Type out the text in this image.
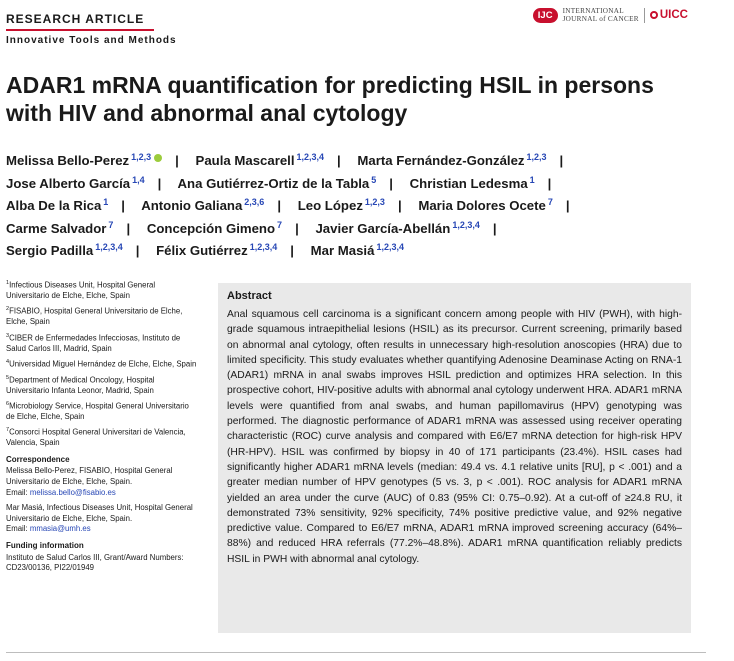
RESEARCH ARTICLE
Innovative Tools and Methods
IJC	INTERNATIONAL
JOURNAL of CANCER UICC
ADAR1 mRNA quantification for predicting HSIL in persons with HIV and abnormal anal cytology
Melissa Bello-Perez $^{1,2,3}$ | Paula Mascarell $^{1,2,3,4}$ | Marta Fernández-González $^{1,2,3}$ |
Jose Alberto García $^{1,4}$ | Ana Gutiérrez-Ortiz de la Tabla $^5$ | Christian Ledesma $^1$ |
Alba De la Rica $^1$ | Antonio Galiana $^{2,3,6}$ | Leo López $^{1,2,3}$ | Maria Dolores Ocete $^7$ |
Carme Salvador $^7$ | Concepción Gimeno $^7$ | Javier García-Abellán $^{1,2,3,4}$ |
Sergio Padilla $^{1,2,3,4}$ | Félix Gutiérrez $^{1,2,3,4}$ | Mar Masiá $^{1,2,3,4}$
$^1$Infectious Diseases Unit, Hospital General Universitario de Elche, Elche, Spain
$^2$FISABIO, Hospital General Universitario de Elche, Elche, Spain
$^3$CIBER de Enfermedades Infecciosas, Instituto de Salud Carlos III, Madrid, Spain
$^4$Universidad Miguel Hernández de Elche, Elche, Spain
$^5$Department of Medical Oncology, Hospital Universitario Infanta Leonor, Madrid, Spain
$^6$Microbiology Service, Hospital General Universitario de Elche, Elche, Spain
$^7$Consorci Hospital General Universitari de Valencia, Valencia, Spain
Correspondence
Melissa Bello-Perez, FISABIO, Hospital General Universitario de Elche, Elche, Spain.
Email: melissa.bello@fisabio.es
Mar Masiá, Infectious Diseases Unit, Hospital General Universitario de Elche, Elche, Spain.
Email: mmasia@umh.es
Funding information
Instituto de Salud Carlos III, Grant/Award Numbers: CD23/00136, PI22/01949
Abstract
Anal squamous cell carcinoma is a significant concern among people with HIV (PWH), with high-grade squamous intraepithelial lesions (HSIL) as its precursor. Current screening, primarily based on abnormal anal cytology, often results in unnecessary high-resolution anoscopies (HRA) due to limited specificity. This study evaluates whether quantifying Adenosine Deaminase Acting on RNA-1 (ADAR1) mRNA in anal swabs improves HSIL prediction and optimizes HRA selection. In this prospective cohort, HIV-positive adults with abnormal anal cytology underwent HRA. ADAR1 mRNA levels were quantified from anal swabs, and human papillomavirus (HPV) genotyping was performed. The diagnostic performance of ADAR1 mRNA was assessed using receiver operating characteristic (ROC) curve analysis and compared with E6/E7 mRNA detection for high-risk HPV (HR-HPV). HSIL was confirmed by biopsy in 40 of 171 participants (23.4%). HSIL cases had significantly higher ADAR1 mRNA levels (median: 49.4 vs. 4.1 relative units [RU], p < .001) and a greater median number of HPV genotypes (5 vs. 3, p < .001). ROC analysis for ADAR1 mRNA yielded an area under the curve (AUC) of 0.83 (95% CI: 0.75–0.92). At a cut-off of ≥24.8 RU, it demonstrated 73% sensitivity, 92% specificity, 74% positive predictive value, and 92% negative predictive value. Compared to E6/E7 mRNA, ADAR1 mRNA improved screening accuracy (64%–88%) and reduced HRA referrals (77.2%–48.8%). ADAR1 mRNA quantification reliably predicts HSIL in PWH with abnormal anal cytology.
